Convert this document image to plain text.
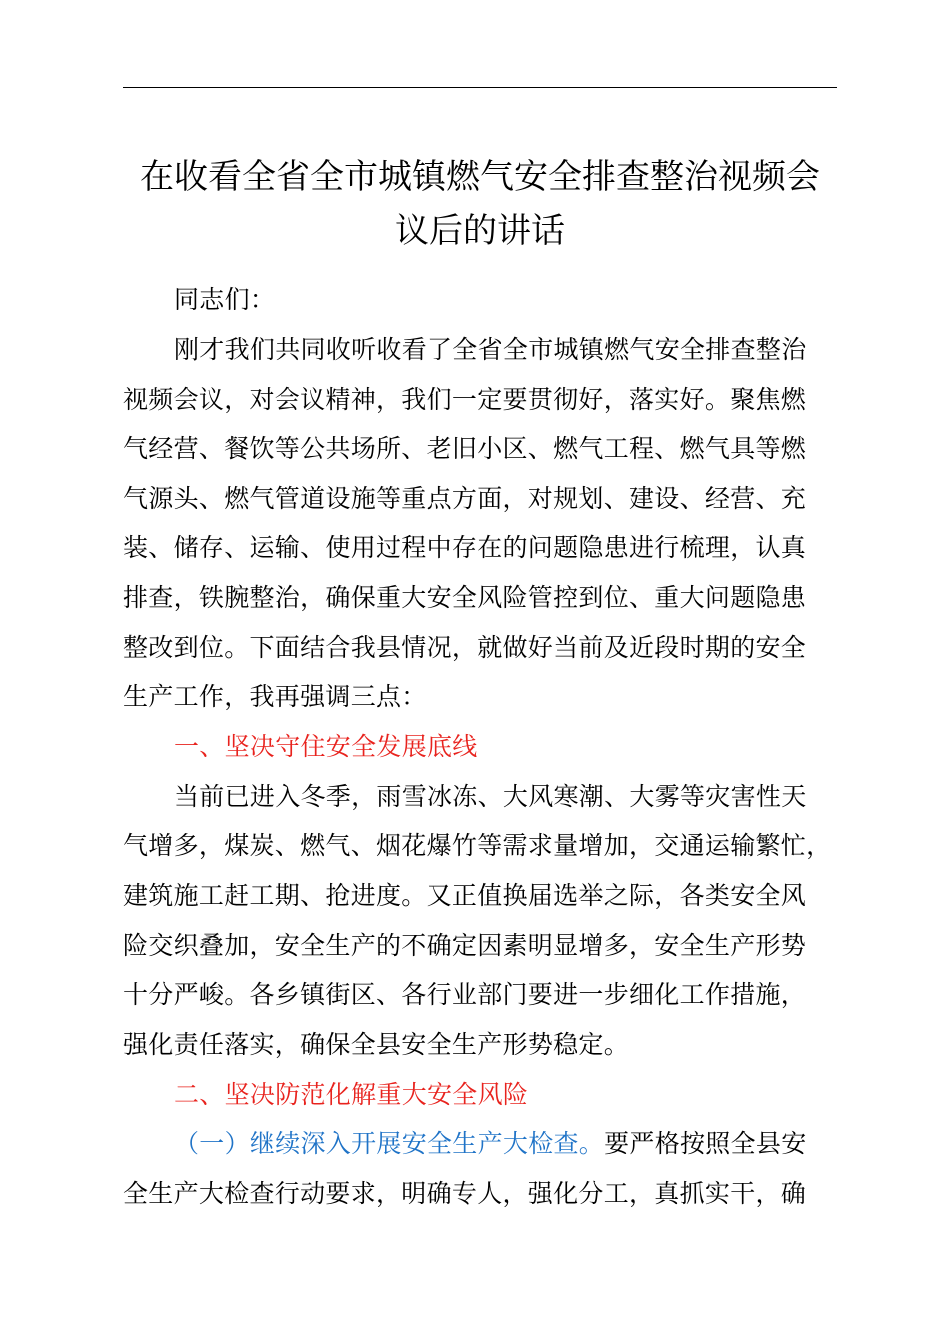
在收看全省全市城镇燃气安全排查整治视频会
议后的讲话
同志们：
刚才我们共同收听收看了全省全市城镇燃气安全排查整治
视频会议，对会议精神，我们一定要贯彻好，落实好。聚焦燃
气经营、餐饮等公共场所、老旧小区、燃气工程、燃气具等燃
气源头、燃气管道设施等重点方面，对规划、建设、经营、充
装、储存、运输、使用过程中存在的问题隐患进行梳理，认真
排查，铁腕整治，确保重大安全风险管控到位、重大问题隐患
整改到位。下面结合我县情况，就做好当前及近段时期的安全
生产工作，我再强调三点：
一、坚决守住安全发展底线
当前已进入冬季，雨雪冰冻、大风寒潮、大雾等灾害性天
气增多，煤炭、燃气、烟花爆竹等需求量增加，交通运输繁忙，
建筑施工赶工期、抢进度。又正值换届选举之际，各类安全风
险交织叠加，安全生产的不确定因素明显增多，安全生产形势
十分严峻。各乡镇街区、各行业部门要进一步细化工作措施，
强化责任落实，确保全县安全生产形势稳定。
二、坚决防范化解重大安全风险
（一）继续深入开展安全生产大检查。要严格按照全县安
全生产大检查行动要求，明确专人，强化分工，真抓实干，确
